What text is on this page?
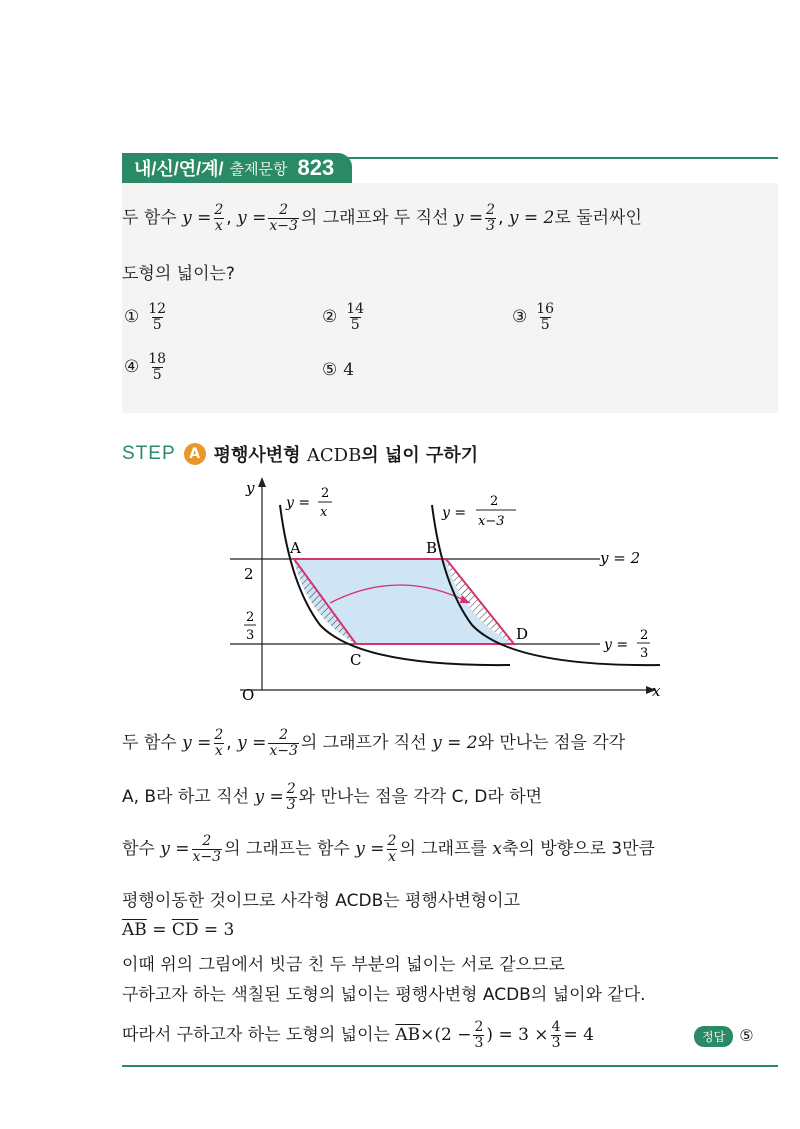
내/신/연/계/ 출제문항 823
두 함수 $y = \frac{2}{x}$ , $y = \frac{2}{x-3}$ 의 그래프와 두 직선 $y = \frac{2}{3}$ , y = 2로 둘러싸인
도형의 넓이는?
① $\frac{12}{5}$	② $\frac{14}{5}$	③ $\frac{16}{5}$
④ $\frac{18}{5}$	⑤ 4
STEP A 평행사변형 ACDB의 넓이 구하기
y
x
O
2
2
3
A	B
C
D
y = 2
y =
2
3
y =
2
x	y =
2
x−3
두 함수 $y = \frac{2}{x}$ , $y = \frac{2}{x-3}$ 의 그래프가 직선 y = 2와 만나는 점을 각각
A, B라 하고 직선 $y = \frac{2}{3}$ 와 만나는 점을 각각 C, D라 하면
함수 $y = \frac{2}{x-3}$ 의 그래프는 함수 $y = \frac{2}{x}$ 의 그래프를 x축의 방향으로 3만큼
평행이동한 것이므로 사각형 ACDB는 평행사변형이고
$\overline{AB} = \overline{CD} = 3$
이때 위의 그림에서 빗금 친 두 부분의 넓이는 서로 같으므로
구하고자 하는 색칠된 도형의 넓이는 평행사변형 ACDB의 넓이와 같다.
따라서 구하고자 하는 도형의 넓이는 $\overline{AB}\times(2 - \frac{2}{3}$ ) = $3 \times \frac{4}{3} = 4$	정답 ⑤
